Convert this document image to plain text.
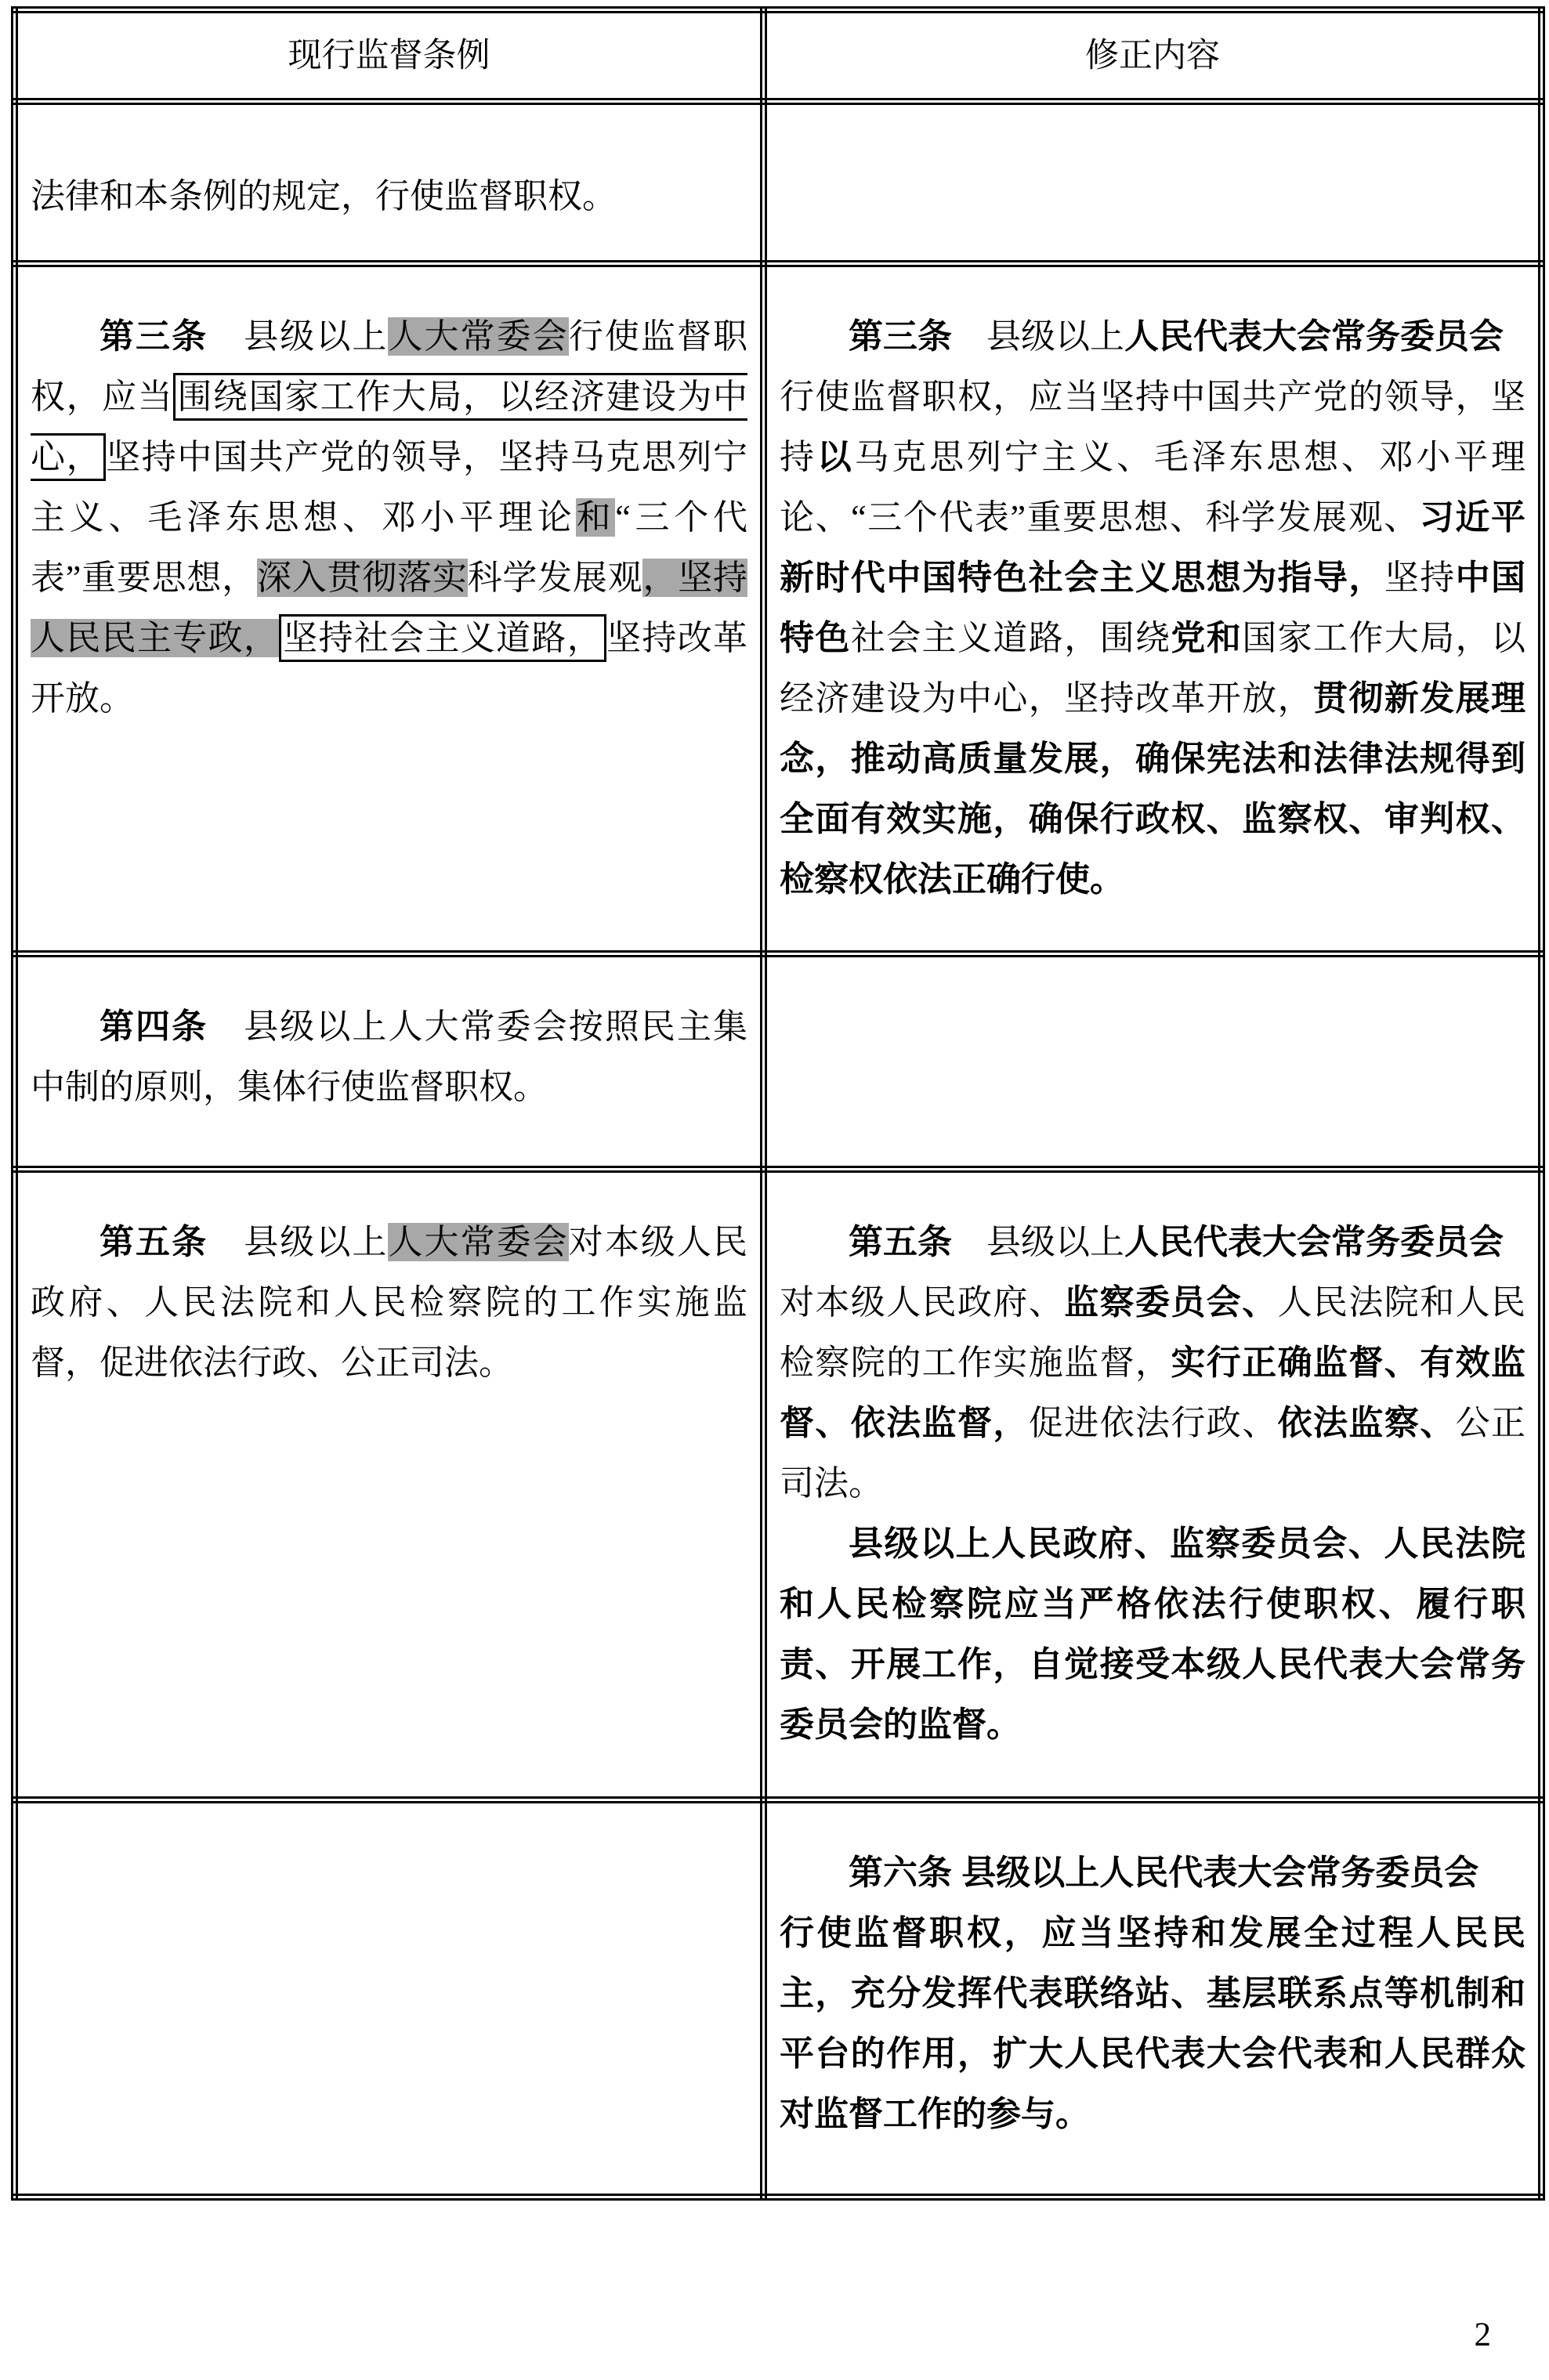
现行监督条例	修正内容

法律和本条例的规定，行使监督职权。	

第三条　县级以上人大常委会行使监督职权，应当 围绕国家工作大局，以经济建设为中心， 坚持中国共产党的领导，坚持马克思列宁主义、毛泽东思想、邓小平理论和“三个代表”重要思想，深入贯彻落实科学发展观，坚持人民民主专政， 坚持社会主义道路， 坚持改革开放。	第三条　县级以上人民代表大会常务委员会
行使监督职权，应当坚持中国共产党的领导，坚持以马克思列宁主义、毛泽东思想、邓小平理论、“三个代表”重要思想、科学发展观、习近平新时代中国特色社会主义思想为指导，坚持中国特色社会主义道路，围绕党和国家工作大局，以经济建设为中心，坚持改革开放，贯彻新发展理念，推动高质量发展，确保宪法和法律法规得到全面有效实施，确保行政权、监察权、审判权、检察权依法正确行使。

第四条　县级以上人大常委会按照民主集中制的原则，集体行使监督职权。	

第五条　县级以上人大常委会对本级人民政府、人民法院和人民检察院的工作实施监督，促进依法行政、公正司法。	第五条　县级以上人民代表大会常务委员会
对本级人民政府、监察委员会、人民法院和人民检察院的工作实施监督，实行正确监督、有效监督、依法监督，促进依法行政、依法监察、公正司法。

县级以上人民政府、监察委员会、人民法院和人民检察院应当严格依法行使职权、履行职责、开展工作，自觉接受本级人民代表大会常务委员会的监督。

	第六条 县级以上人民代表大会常务委员会
行使监督职权，应当坚持和发展全过程人民民主，充分发挥代表联络站、基层联系点等机制和平台的作用，扩大人民代表大会代表和人民群众对监督工作的参与。

2
